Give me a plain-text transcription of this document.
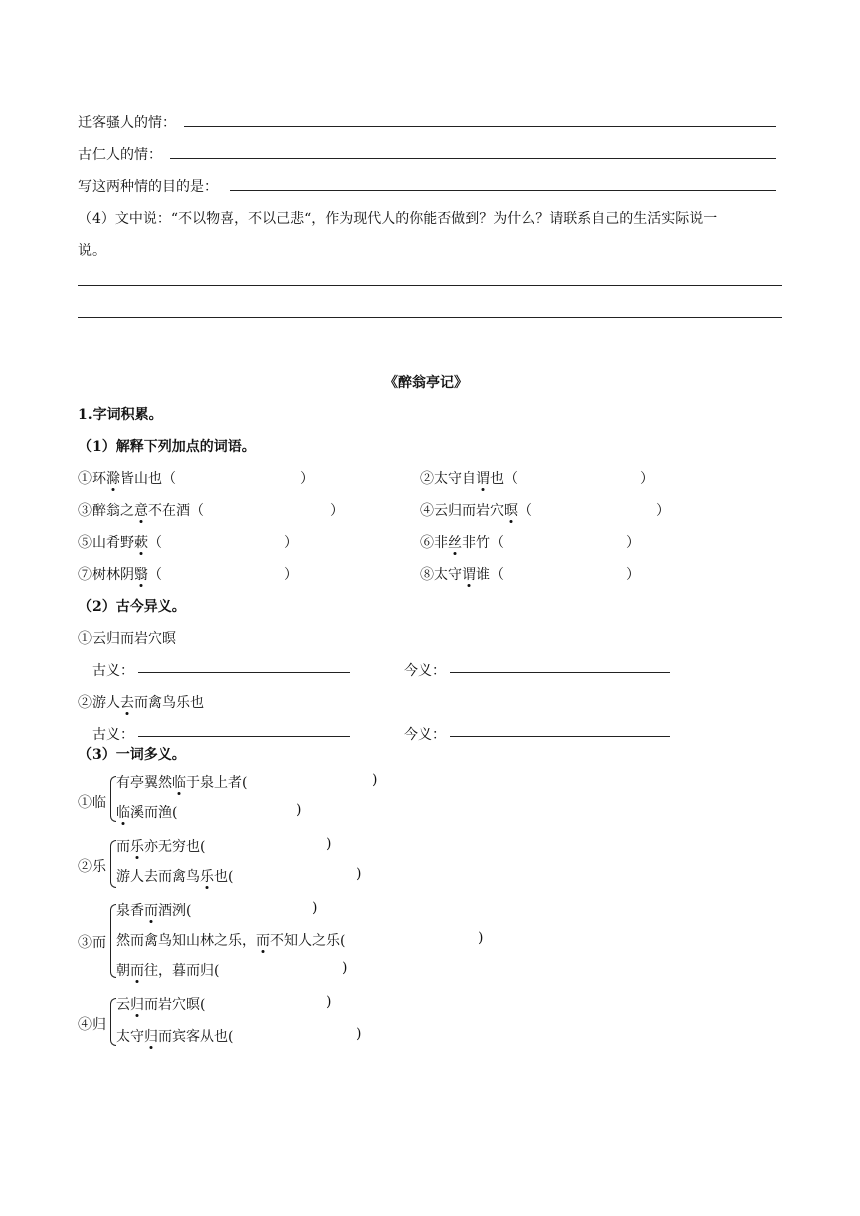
迁客骚人的情：
古仁人的情：
写这两种情的目的是：
（4）文中说：“不以物喜，不以己悲“，作为现代人的你能否做到？为什么？请联系自己的生活实际说一
说。
《醉翁亭记》
1.字词积累。
（1）解释下列加点的词语。
①环滁皆山也（	）	②太守自谓也（	）
③醉翁之意不在酒（	）	④云归而岩穴暝（	）
⑤山肴野蔌（	）	⑥非丝非竹（	）
⑦树林阴翳（	）	⑧太守谓谁（	）
（2）古今异义。
①云归而岩穴暝
古义：	今义：
②游人去而禽鸟乐也
古义：	今义：
（3）一词多义。
①临
有亭翼然临于泉上者(	)
临溪而渔(	)
②乐
而乐亦无穷也(	)
游人去而禽鸟乐也(	)
③而
泉香而酒洌(	)
然而禽鸟知山林之乐，而不知人之乐(	)
朝而往，暮而归(	)
④归
云归而岩穴暝(	)
太守归而宾客从也(	)
